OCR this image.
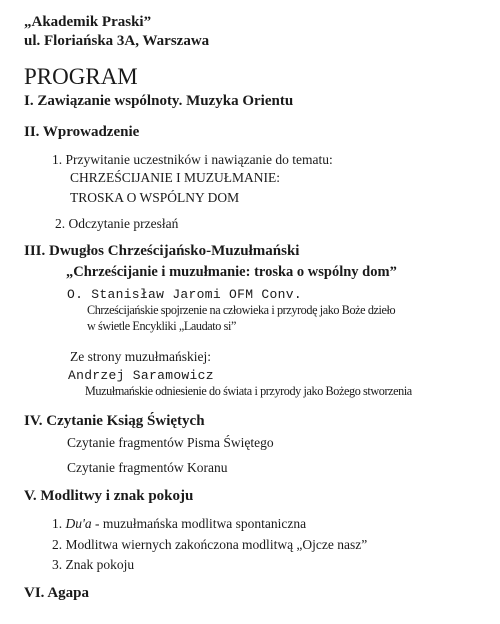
„Akademik Praski”
ul. Floriańska 3A, Warszawa
PROGRAM
I. Zawiązanie wspólnoty. Muzyka Orientu
II. Wprowadzenie
1. Przywitanie uczestników i nawiązanie do tematu:
CHRZEŚCIJANIE I MUZUŁMANIE:
TROSKA O WSPÓLNY DOM
2. Odczytanie przesłań
III. Dwugłos Chrześcijańsko-Muzułmański
„Chrześcijanie i muzułmanie: troska o wspólny dom”
O. Stanisław Jaromi OFM Conv.
Chrześcijańskie spojrzenie na człowieka i przyrodę jako Boże dzieło
w świetle Encykliki „Laudato si”
Ze strony muzułmańskiej:
Andrzej Saramowicz
Muzułmańskie odniesienie do świata i przyrody jako Bożego stworzenia
IV. Czytanie Ksiąg Świętych
Czytanie fragmentów Pisma Świętego
Czytanie fragmentów Koranu
V. Modlitwy i znak pokoju
1. Du'a - muzułmańska modlitwa spontaniczna
2. Modlitwa wiernych zakończona modlitwą „Ojcze nasz”
3. Znak pokoju
VI. Agapa
